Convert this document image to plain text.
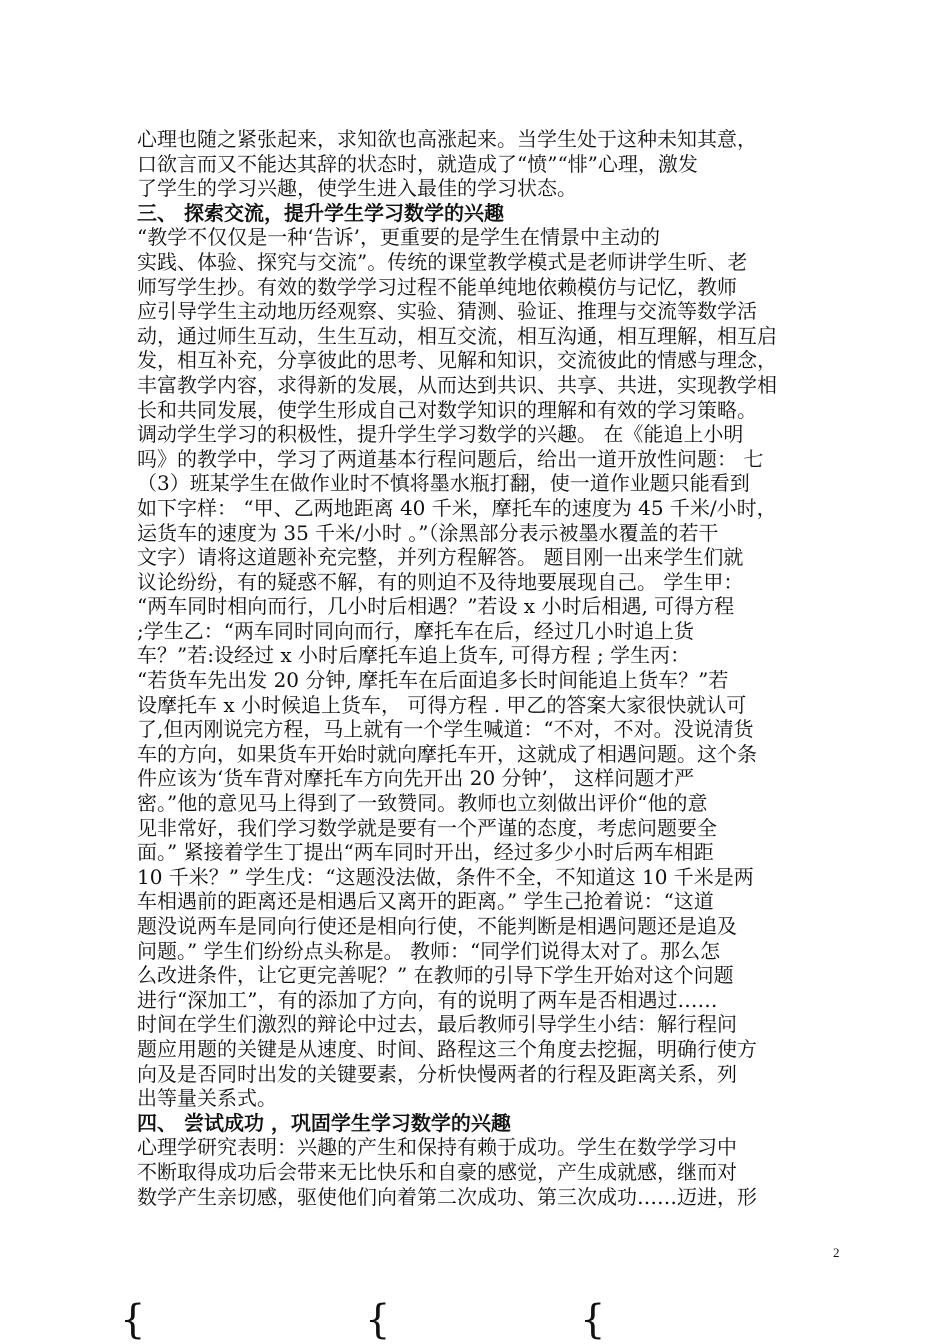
心理也随之紧张起来，求知欲也高涨起来。当学生处于这种未知其意，
口欲言而又不能达其辞的状态时，就造成了“愤”“悱”心理，激发
了学生的学习兴趣，使学生进入最佳的学习状态。
三、 探索交流，提升学生学习数学的兴趣
“教学不仅仅是一种‘告诉’，更重要的是学生在情景中主动的
实践、体验、探究与交流”。传统的课堂教学模式是老师讲学生听、老
师写学生抄。有效的数学学习过程不能单纯地依赖模仿与记忆，教师
应引导学生主动地历经观察、实验、猜测、验证、推理与交流等数学活
动，通过师生互动，生生互动，相互交流，相互沟通，相互理解，相互启
发，相互补充，分享彼此的思考、见解和知识，交流彼此的情感与理念，
丰富教学内容，求得新的发展，从而达到共识、共享、共进，实现教学相
长和共同发展，使学生形成自己对数学知识的理解和有效的学习策略。
调动学生学习的积极性，提升学生学习数学的兴趣。 在《能追上小明
吗》的教学中，学习了两道基本行程问题后，给出一道开放性问题： 七
（3）班某学生在做作业时不慎将墨水瓶打翻，使一道作业题只能看到
如下字样： “甲、乙两地距离 40 千米，摩托车的速度为 45 千米/小时，
运货车的速度为 35 千米/小时 。”（涂黑部分表示被墨水覆盖的若干
文字）请将这道题补充完整，并列方程解答。 题目刚一出来学生们就
议论纷纷，有的疑惑不解，有的则迫不及待地要展现自己。 学生甲：
“两车同时相向而行，几小时后相遇？”若设 x 小时后相遇, 可得方程
;学生乙：“两车同时同向而行，摩托车在后，经过几小时追上货
车？”若:设经过 x 小时后摩托车追上货车, 可得方程 ; 学生丙：
“若货车先出发 20 分钟, 摩托车在后面追多长时间能追上货车？”若
设摩托车 x 小时候追上货车， 可得方程 . 甲乙的答案大家很快就认可
了,但丙刚说完方程，马上就有一个学生喊道：“不对，不对。没说清货
车的方向，如果货车开始时就向摩托车开，这就成了相遇问题。这个条
件应该为‘货车背对摩托车方向先开出 20 分钟’， 这样问题才严
密。”他的意见马上得到了一致赞同。教师也立刻做出评价“他的意
见非常好，我们学习数学就是要有一个严谨的态度，考虑问题要全
面。” 紧接着学生丁提出“两车同时开出，经过多少小时后两车相距
10 千米？” 学生戊：“这题没法做，条件不全，不知道这 10 千米是两
车相遇前的距离还是相遇后又离开的距离。” 学生己抢着说：“这道
题没说两车是同向行使还是相向行使，不能判断是相遇问题还是追及
问题。” 学生们纷纷点头称是。 教师：“同学们说得太对了。那么怎
么改进条件，让它更完善呢？” 在教师的引导下学生开始对这个问题
进行“深加工”，有的添加了方向，有的说明了两车是否相遇过……
时间在学生们激烈的辩论中过去，最后教师引导学生小结：解行程问
题应用题的关键是从速度、时间、路程这三个角度去挖掘，明确行使方
向及是否同时出发的关键要素，分析快慢两者的行程及距离关系，列
出等量关系式。
四、 尝试成功 ，巩固学生学习数学的兴趣
心理学研究表明：兴趣的产生和保持有赖于成功。学生在数学学习中
不断取得成功后会带来无比快乐和自豪的感觉，产生成就感，继而对
数学产生亲切感，驱使他们向着第二次成功、第三次成功……迈进，形
2
{	{	{
